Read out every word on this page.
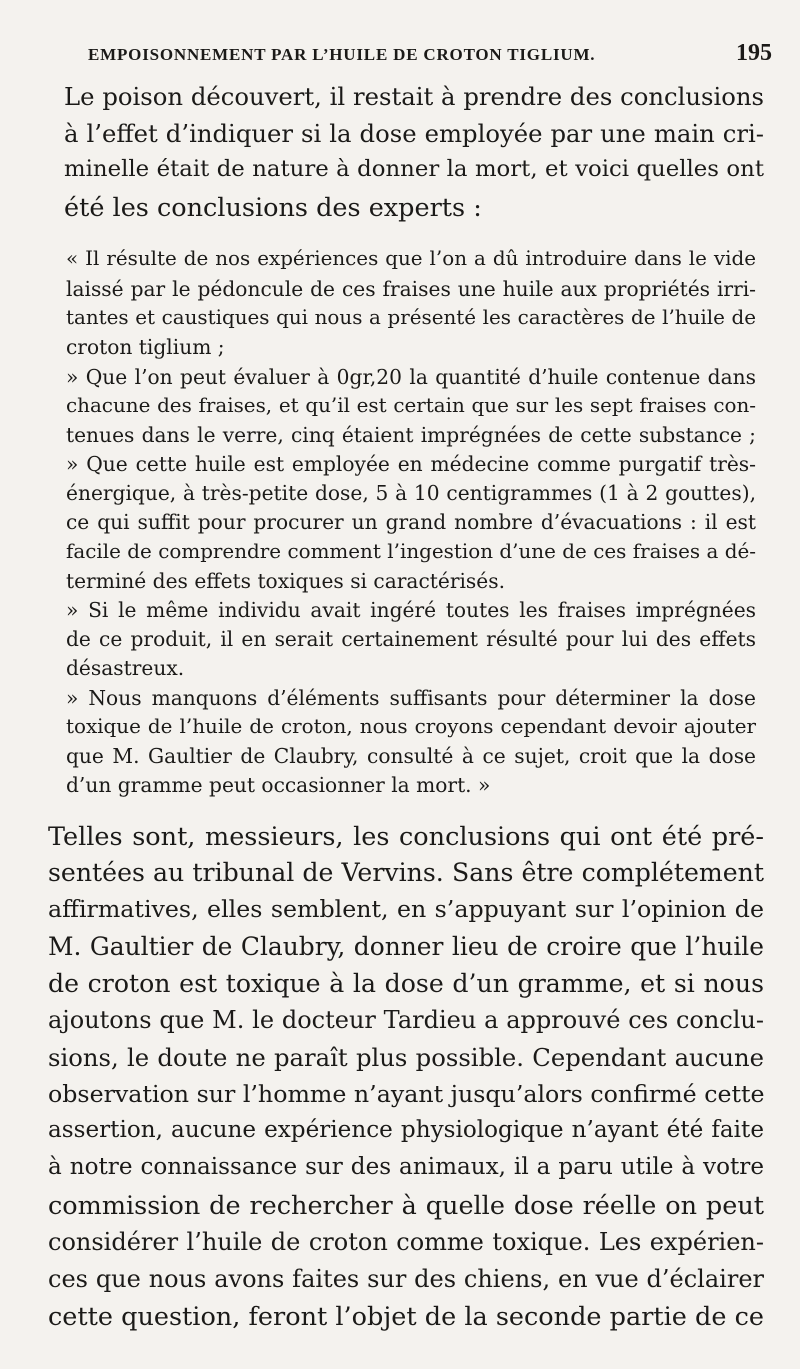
EMPOISONNEMENT PAR L’HUILE DE CROTON TIGLIUM.	195
Le poison découvert, il restait à prendre des conclusions
à l’effet d’indiquer si la dose employée par une main cri-
minelle était de nature à donner la mort, et voici quelles ont
été les conclusions des experts :
« Il résulte de nos expériences que l’on a dû introduire dans le vide
laissé par le pédoncule de ces fraises une huile aux propriétés irri-
tantes et caustiques qui nous a présenté les caractères de l’huile de
croton tiglium ;
» Que l’on peut évaluer à 0gr,20 la quantité d’huile contenue dans
chacune des fraises, et qu’il est certain que sur les sept fraises con-
tenues dans le verre, cinq étaient imprégnées de cette substance ;
» Que cette huile est employée en médecine comme purgatif très-
énergique, à très-petite dose, 5 à 10 centigrammes (1 à 2 gouttes),
ce qui suffit pour procurer un grand nombre d’évacuations : il est
facile de comprendre comment l’ingestion d’une de ces fraises a dé-
terminé des effets toxiques si caractérisés.
» Si le même individu avait ingéré toutes les fraises imprégnées
de ce produit, il en serait certainement résulté pour lui des effets
désastreux.
» Nous manquons d’éléments suffisants pour déterminer la dose
toxique de l’huile de croton, nous croyons cependant devoir ajouter
que M. Gaultier de Claubry, consulté à ce sujet, croit que la dose
d’un gramme peut occasionner la mort. »
Telles sont, messieurs, les conclusions qui ont été pré-
sentées au tribunal de Vervins. Sans être complétement
affirmatives, elles semblent, en s’appuyant sur l’opinion de
M. Gaultier de Claubry, donner lieu de croire que l’huile
de croton est toxique à la dose d’un gramme, et si nous
ajoutons que M. le docteur Tardieu a approuvé ces conclu-
sions, le doute ne paraît plus possible. Cependant aucune
observation sur l’homme n’ayant jusqu’alors confirmé cette
assertion, aucune expérience physiologique n’ayant été faite
à notre connaissance sur des animaux, il a paru utile à votre
commission de rechercher à quelle dose réelle on peut
considérer l’huile de croton comme toxique. Les expérien-
ces que nous avons faites sur des chiens, en vue d’éclairer
cette question, feront l’objet de la seconde partie de ce
